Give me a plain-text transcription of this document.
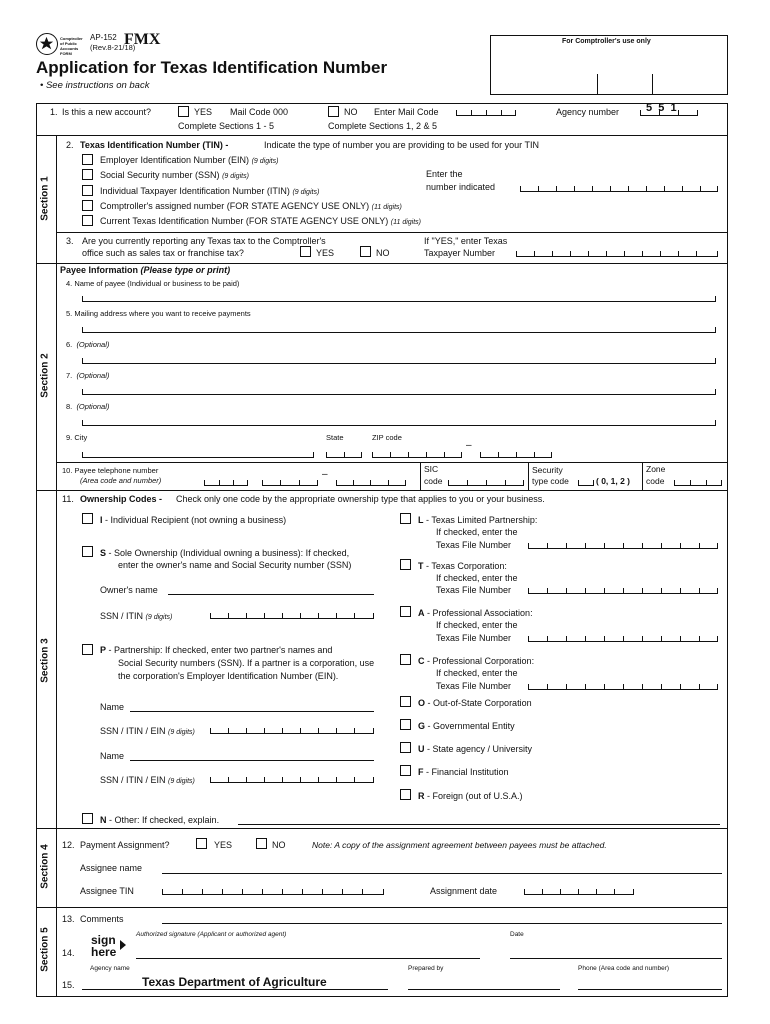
Comptroller of Public Accounts FORM
AP-152
(Rev.8-21/18)
FMX
Application for Texas Identification Number
• See instructions on back
For Comptroller's use only
1. Is this a new account?	YES Mail Code 000
Complete Sections 1 - 5
NO Enter Mail Code
Complete Sections 1, 2 & 5
Agency number 5  5  1
Section 1
2. Texas Identification Number (TIN) -	Indicate the type of number you are providing to be used for your TIN
Employer Identification Number (EIN) (9 digits)
Social Security number (SSN) (9 digits)
Individual Taxpayer Identification Number (ITIN) (9 digits)
Comptroller's assigned number (FOR STATE AGENCY USE ONLY) (11 digits)
Current Texas Identification Number (FOR STATE AGENCY USE ONLY) (11 digits)
Enter the
number indicated
3. Are you currently reporting any Texas tax to the Comptroller's
office such as sales tax or franchise tax?	YES	NO
If "YES," enter Texas
Taxpayer Number
Section 2
Payee Information (Please type or print)
4. Name of payee (Individual or business to be paid)
5. Mailing address where you want to receive payments
6. (Optional)
7. (Optional)
8. (Optional)
9. City	State	ZIP code
–
10. Payee telephone number
(Area code and number)
–	SIC
code
Security
type code	( 0, 1, 2 )
Zone
code
Section 3
11. Ownership Codes - Check only one code by the appropriate ownership type that applies to you or your business.
I - Individual Recipient (not owning a business)
S - Sole Ownership (Individual owning a business): If checked,
enter the owner's name and Social Security number (SSN)
Owner's name
SSN / ITIN (9 digits)
P - Partnership: If checked, enter two partner's names and
Social Security numbers (SSN). If a partner is a corporation, use
the corporation's Employer Identification Number (EIN).
Name
SSN / ITIN / EIN (9 digits)
Name
SSN / ITIN / EIN (9 digits)
N - Other: If checked, explain.
L - Texas Limited Partnership:
If checked, enter the
Texas File Number
T - Texas Corporation:
If checked, enter the
Texas File Number
A - Professional Association:
If checked, enter the
Texas File Number
C - Professional Corporation:
If checked, enter the
Texas File Number
O - Out-of-State Corporation
G - Governmental Entity
U - State agency / University
F - Financial Institution
R - Foreign (out of U.S.A.)
Section 4 12. Payment Assignment?	YES	NO	Note: A copy of the assignment agreement between payees must be attached.
Assignee name
Assignee TIN	Assignment date
Section 5
13. Comments
14.
sign
here
Authorized signature (Applicant or authorized agent)	Date
Agency name
15.	Texas Department of Agriculture
Prepared by	Phone (Area code and number)
